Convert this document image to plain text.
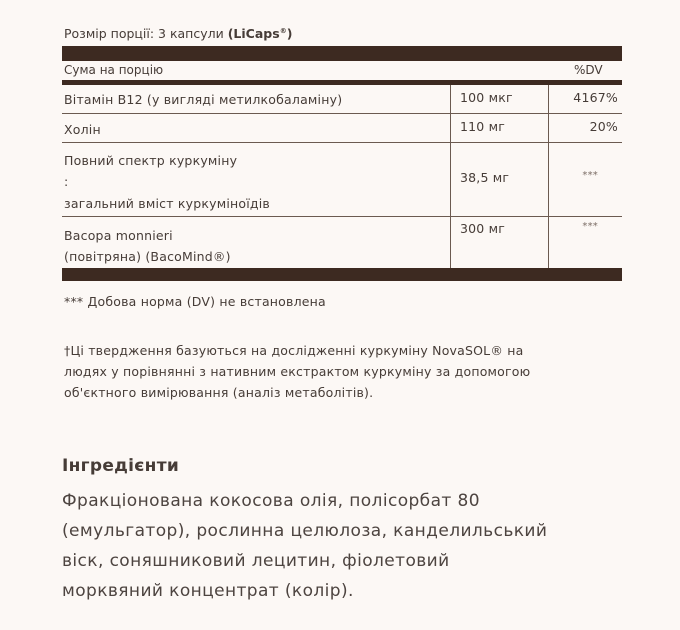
Розмір порції: 3 капсули (LiCaps®)
Сума на порцію	%DV
Вітамін B12 (у вигляді метилкобаламіну)	100 мкг	4167%
Холін	110 мг	20%
Повний спектр куркуміну
:
загальний вміст куркуміноїдів
38,5 мг	***
Bacopa monnieri
(повітряна) (BacoMind®)
300 мг	***
*** Добова норма (DV) не встановлена
†Ці твердження базуються на дослідженні куркуміну NovaSOL® на
людях у порівнянні з нативним екстрактом куркуміну за допомогою
об'єктного вимірювання (аналіз метаболітів).
Інгредієнти
Фракціонована кокосова олія, полісорбат 80
(емульгатор), рослинна целюлоза, канделильський
віск, соняшниковий лецитин, фіолетовий
морквяний концентрат (колір).
